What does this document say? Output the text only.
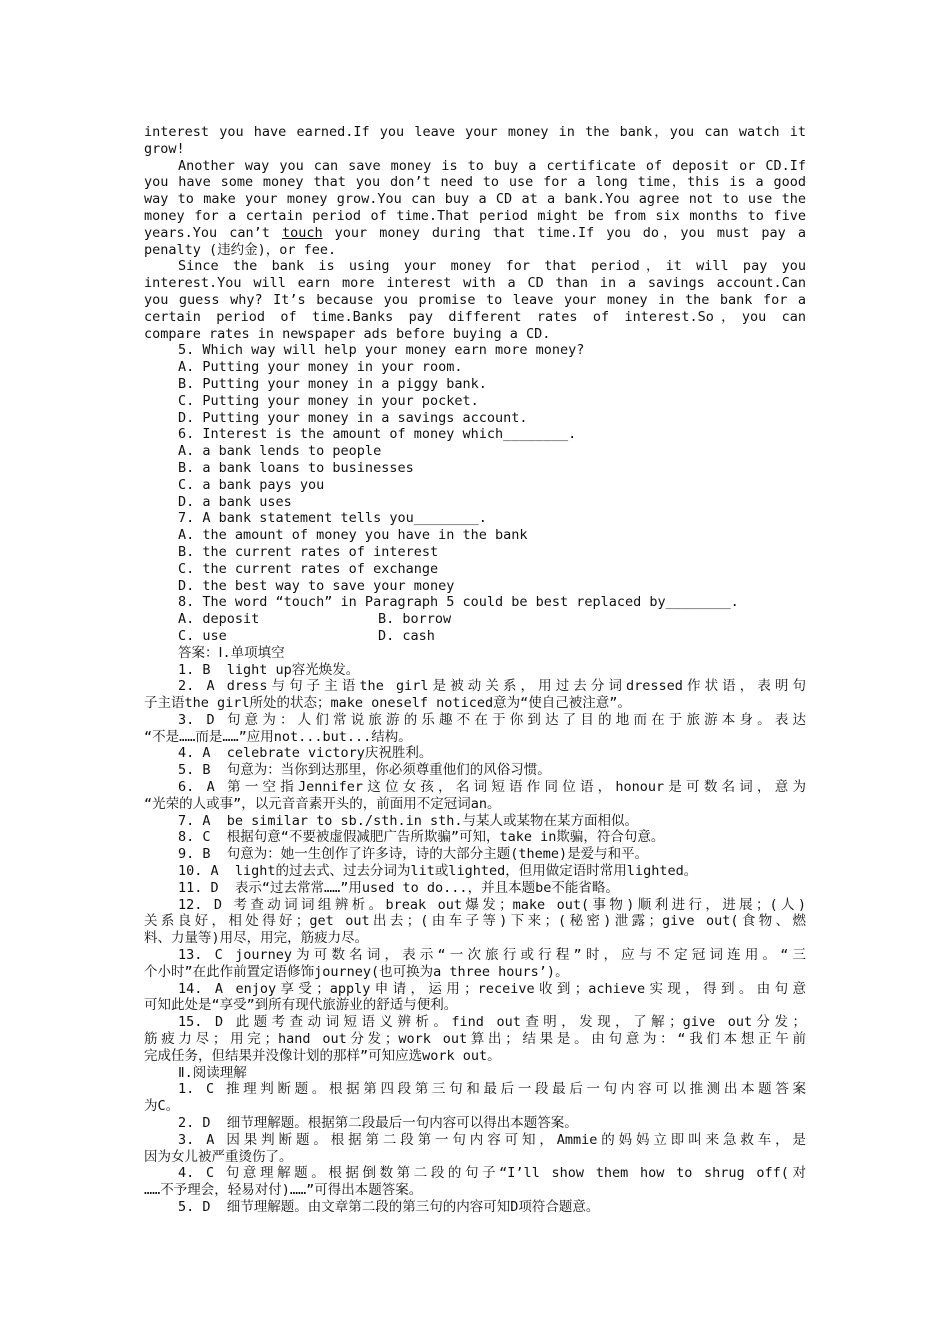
interest you have earned.If you leave your money in the bank，you can watch it
grow!
Another way you can save money is to buy a certificate of deposit or CD.If
you have some money that you don’t need to use for a long time，this is a good
way to make your money grow.You can buy a CD at a bank.You agree not to use the
money for a certain period of time.That period might be from six months to five
years.You can’t touch your money during that time.If you do，you must pay a
penalty (违约金)，or fee.
Since the bank is using your money for that period，it will pay you
interest.You will earn more interest with a CD than in a savings account.Can
you guess why? It’s because you promise to leave your money in the bank for a
certain period of time.Banks pay different rates of interest.So，you can
compare rates in newspaper ads before buying a CD.
5. Which way will help your money earn more money?
A. Putting your money in your room.
B. Putting your money in a piggy bank.
C. Putting your money in your pocket.
D. Putting your money in a savings account.
6. Interest is the amount of money which________.
A. a bank lends to people
B. a bank loans to businesses
C. a bank pays you
D. a bank uses
7. A bank statement tells you________.
A. the amount of money you have in the bank
B. the current rates of interest
C. the current rates of exchange
D. the best way to save your money
8. The word “touch” in Paragraph 5 could be best replaced by________.
A. deposit	B. borrow
C. use	D. cash
答案：Ⅰ.单项填空
1. B  light up容光焕发。
2. A dress与句子主语the girl是被动关系，用过去分词dressed作状语，表明句
子主语the girl所处的状态；make oneself noticed意为“使自己被注意”。
3. D 句意为：人们常说旅游的乐趣不在于你到达了目的地而在于旅游本身。表达
“不是……而是……”应用not...but...结构。
4. A  celebrate victory庆祝胜利。
5. B  句意为：当你到达那里，你必须尊重他们的风俗习惯。
6. A 第一空指Jennifer这位女孩，名词短语作同位语，honour是可数名词，意为
“光荣的人或事”，以元音音素开头的，前面用不定冠词an。
7. A  be similar to sb./sth.in sth.与某人或某物在某方面相似。
8. C  根据句意“不要被虚假减肥广告所欺骗”可知，take in欺骗，符合句意。
9. B  句意为：她一生创作了许多诗，诗的大部分主题(theme)是爱与和平。
10. A  light的过去式、过去分词为lit或lighted，但用做定语时常用lighted。
11. D  表示“过去常常……”用used to do...，并且本题be不能省略。
12. D 考查动词词组辨析。break out爆发；make out(事物)顺利进行，进展；(人)
关系良好，相处得好；get out出去；(由车子等)下来；(秘密)泄露；give out(食物、燃
料、力量等)用尽，用完，筋疲力尽。
13. C journey为可数名词，表示“一次旅行或行程”时，应与不定冠词连用。“三
个小时”在此作前置定语修饰journey(也可换为a three hours’)。
14. A enjoy享受；apply申请，运用；receive收到；achieve实现，得到。由句意
可知此处是“享受”到所有现代旅游业的舒适与便利。
15. D 此题考查动词短语义辨析。find out查明，发现，了解；give out分发；
筋疲力尽；用完；hand out分发；work out算出；结果是。由句意为：“我们本想正午前
完成任务，但结果并没像计划的那样”可知应选work out。
Ⅱ.阅读理解
1. C 推理判断题。根据第四段第三句和最后一段最后一句内容可以推测出本题答案
为C。
2. D  细节理解题。根据第二段最后一句内容可以得出本题答案。
3. A 因果判断题。根据第二段第一句内容可知，Ammie的妈妈立即叫来急救车，是
因为女儿被严重烫伤了。
4. C 句意理解题。根据倒数第二段的句子“I’ll show them how to shrug off(对
……不予理会，轻易对付)……”可得出本题答案。
5. D  细节理解题。由文章第二段的第三句的内容可知D项符合题意。
